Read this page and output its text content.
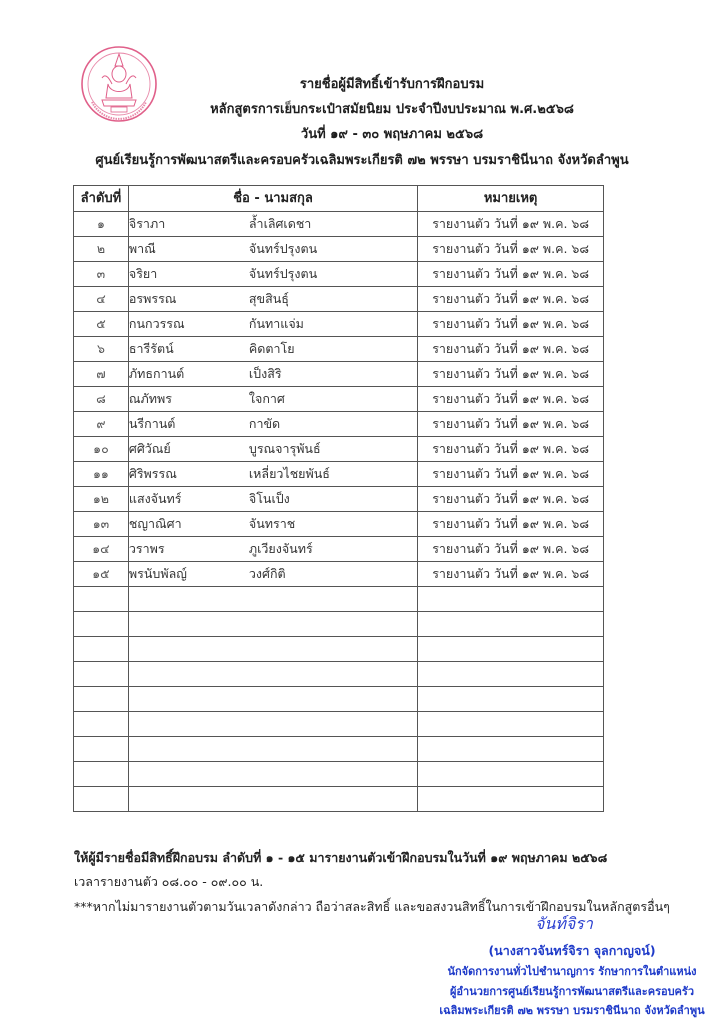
รายชื่อผู้มีสิทธิ์เข้ารับการฝึกอบรม
หลักสูตรการเย็บกระเป๋าสมัยนิยม ประจำปีงบประมาณ พ.ศ.๒๕๖๘
วันที่ ๑๙ - ๓๐ พฤษภาคม ๒๕๖๘
ศูนย์เรียนรู้การพัฒนาสตรีและครอบครัวเฉลิมพระเกียรติ ๗๒ พรรษา บรมราชินีนาถ จังหวัดลำพูน
ลำดับที่	ชื่อ - นามสกุล	หมายเหตุ
๑	จิราภา ล้ำเลิศเดชา	รายงานตัว วันที่ ๑๙ พ.ค. ๖๘
๒	พาณี จันทร์ปรุงตน	รายงานตัว วันที่ ๑๙ พ.ค. ๖๘
๓	จริยา จันทร์ปรุงตน	รายงานตัว วันที่ ๑๙ พ.ค. ๖๘
๔	อรพรรณ สุขสินธุ์	รายงานตัว วันที่ ๑๙ พ.ค. ๖๘
๕	กนกวรรณ กันทาแจ่ม	รายงานตัว วันที่ ๑๙ พ.ค. ๖๘
๖	ธารีรัตน์ คิดตาโย	รายงานตัว วันที่ ๑๙ พ.ค. ๖๘
๗	ภัทธกานต์ เป็งสิริ	รายงานตัว วันที่ ๑๙ พ.ค. ๖๘
๘	ณภัทพร ใจกาศ	รายงานตัว วันที่ ๑๙ พ.ค. ๖๘
๙	นรีกานต์ กาขัด	รายงานตัว วันที่ ๑๙ พ.ค. ๖๘
๑๐	ศศิวัณย์ บูรณจารุพันธ์	รายงานตัว วันที่ ๑๙ พ.ค. ๖๘
๑๑	ศิริพรรณ เหลี่ยวไชยพันธ์	รายงานตัว วันที่ ๑๙ พ.ค. ๖๘
๑๒	แสงจันทร์ จิโนเป็ง	รายงานตัว วันที่ ๑๙ พ.ค. ๖๘
๑๓	ชญาณิศา จันทราช	รายงานตัว วันที่ ๑๙ พ.ค. ๖๘
๑๔	วราพร ภูเวียงจันทร์	รายงานตัว วันที่ ๑๙ พ.ค. ๖๘
๑๕	พรนับพัลญ์ วงศ์กิติ	รายงานตัว วันที่ ๑๙ พ.ค. ๖๘

ให้ผู้มีรายชื่อมีสิทธิ์ฝึกอบรม ลำดับที่ ๑ - ๑๕ มารายงานตัวเข้าฝึกอบรมในวันที่ ๑๙ พฤษภาคม ๒๕๖๘
เวลารายงานตัว ๐๘.๐๐ - ๐๙.๐๐ น.
***หากไม่มารายงานตัวตามวันเวลาดังกล่าว ถือว่าสละสิทธิ์ และขอสงวนสิทธิ์ในการเข้าฝึกอบรมในหลักสูตรอื่นๆ
จันท์จิรา
(นางสาวจันทร์จิรา จุลกาญจน์)
นักจัดการงานทั่วไปชำนาญการ รักษาการในตำแหน่ง
ผู้อำนวยการศูนย์เรียนรู้การพัฒนาสตรีและครอบครัว
เฉลิมพระเกียรติ ๗๒ พรรษา บรมราชินีนาถ จังหวัดลำพูน
